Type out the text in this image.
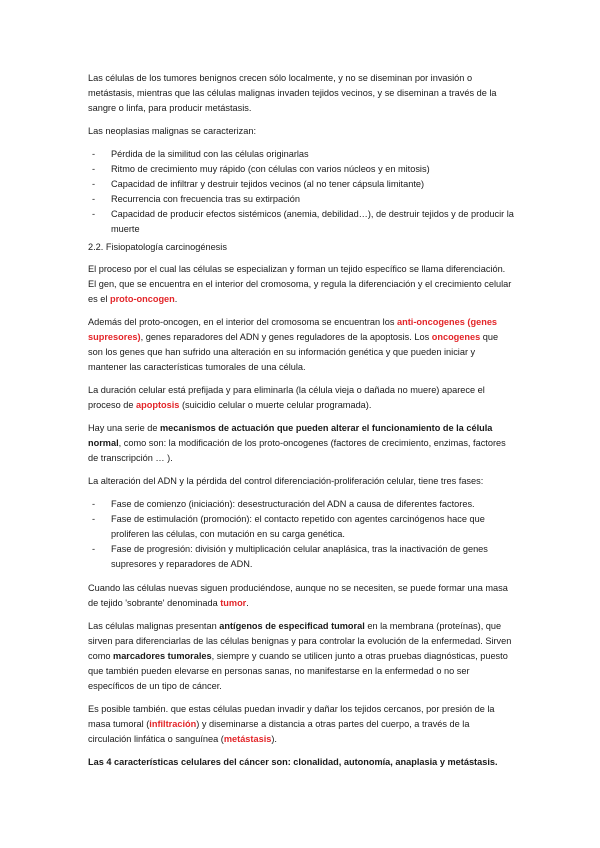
Las células de los tumores benignos crecen sólo localmente, y no se diseminan por invasión o metástasis, mientras que las células malignas invaden tejidos vecinos, y se diseminan a través de la sangre o linfa, para producir metástasis.

Las neoplasias malignas se caracterizan:

- Pérdida de la similitud con las células originarlas
- Ritmo de crecimiento muy rápido (con células con varios núcleos y en mitosis)
- Capacidad de infiltrar y destruir tejidos vecinos (al no tener cápsula limitante)
- Recurrencia con frecuencia tras su extirpación
- Capacidad de producir efectos sistémicos (anemia, debilidad…), de destruir tejidos y de producir la muerte
2.2. Fisiopatología carcinogénesis

El proceso por el cual las células se especializan y forman un tejido específico se llama diferenciación. El gen, que se encuentra en el interior del cromosoma, y regula la diferenciación y el crecimiento celular es el proto-oncogen.

Además del proto-oncogen, en el interior del cromosoma se encuentran los anti-oncogenes (genes supresores), genes reparadores del ADN y genes reguladores de la apoptosis. Los oncogenes que son los genes que han sufrido una alteración en su información genética y que pueden iniciar y mantener las características tumorales de una célula.

La duración celular está prefijada y para eliminarla (la célula vieja o dañada no muere) aparece el proceso de apoptosis (suicidio celular o muerte celular programada).

Hay una serie de mecanismos de actuación que pueden alterar el funcionamiento de la célula normal, como son: la modificación de los proto-oncogenes (factores de crecimiento, enzimas, factores de transcripción … ).

La alteración del ADN y la pérdida del control diferenciación-proliferación celular, tiene tres fases:

- Fase de comienzo (iniciación): desestructuración del ADN a causa de diferentes factores.
- Fase de estimulación (promoción): el contacto repetido con agentes carcinógenos hace que proliferen las células, con mutación en su carga genética.
- Fase de progresión: división y multiplicación celular anaplásica, tras la inactivación de genes supresores y reparadores de ADN.

Cuando las células nuevas siguen produciéndose, aunque no se necesiten, se puede formar una masa de tejido 'sobrante' denominada tumor.

Las células malignas presentan antígenos de especificad tumoral en la membrana (proteínas), que sirven para diferenciarlas de las células benignas y para controlar la evolución de la enfermedad. Sirven como marcadores tumorales, siempre y cuando se utilicen junto a otras pruebas diagnósticas, puesto que también pueden elevarse en personas sanas, no manifestarse en la enfermedad o no ser específicos de un tipo de cáncer.

Es posible también. que estas células puedan invadir y dañar los tejidos cercanos, por presión de la masa tumoral (infiltración) y diseminarse a distancia a otras partes del cuerpo, a través de la circulación linfática o sanguínea (metástasis).

Las 4 características celulares del cáncer son: clonalidad, autonomía, anaplasia y metástasis.
